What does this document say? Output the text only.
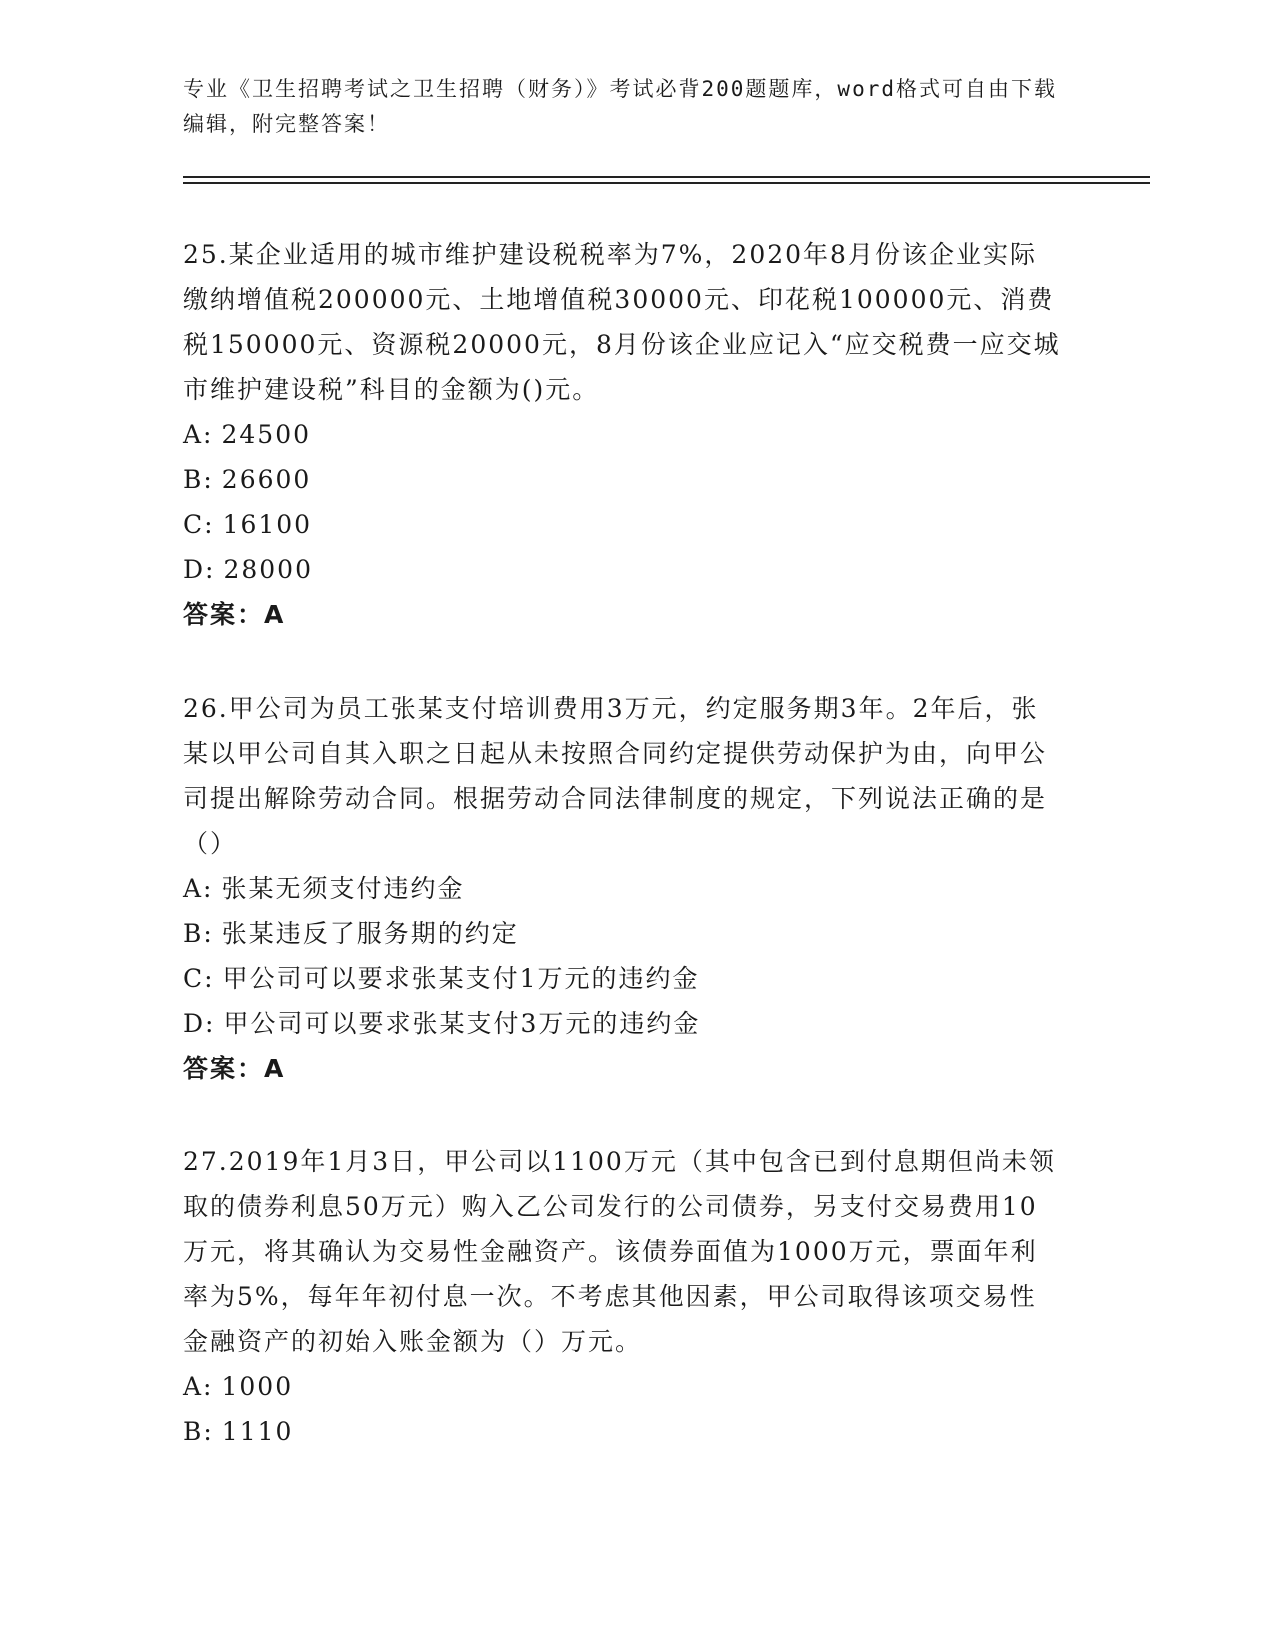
专业《卫生招聘考试之卫生招聘（财务）》考试必背200题题库，word格式可自由下载编辑，附完整答案！

25.某企业适用的城市维护建设税税率为7%，2020年8月份该企业实际缴纳增值税200000元、土地增值税30000元、印花税100000元、消费税150000元、资源税20000元，8月份该企业应记入“应交税费一应交城市维护建设税”科目的金额为()元。

A: 24500
B: 26600
C: 16100
D: 28000

答案：A

26.甲公司为员工张某支付培训费用3万元，约定服务期3年。2年后，张某以甲公司自其入职之日起从未按照合同约定提供劳动保护为由，向甲公司提出解除劳动合同。根据劳动合同法律制度的规定，下列说法正确的是（）

A: 张某无须支付违约金
B: 张某违反了服务期的约定
C: 甲公司可以要求张某支付1万元的违约金
D: 甲公司可以要求张某支付3万元的违约金

答案：A

27.2019年1月3日，甲公司以1100万元（其中包含已到付息期但尚未领取的债券利息50万元）购入乙公司发行的公司债券，另支付交易费用10万元，将其确认为交易性金融资产。该债券面值为1000万元，票面年利率为5%，每年年初付息一次。不考虑其他因素，甲公司取得该项交易性金融资产的初始入账金额为（）万元。

A: 1000
B: 1110
